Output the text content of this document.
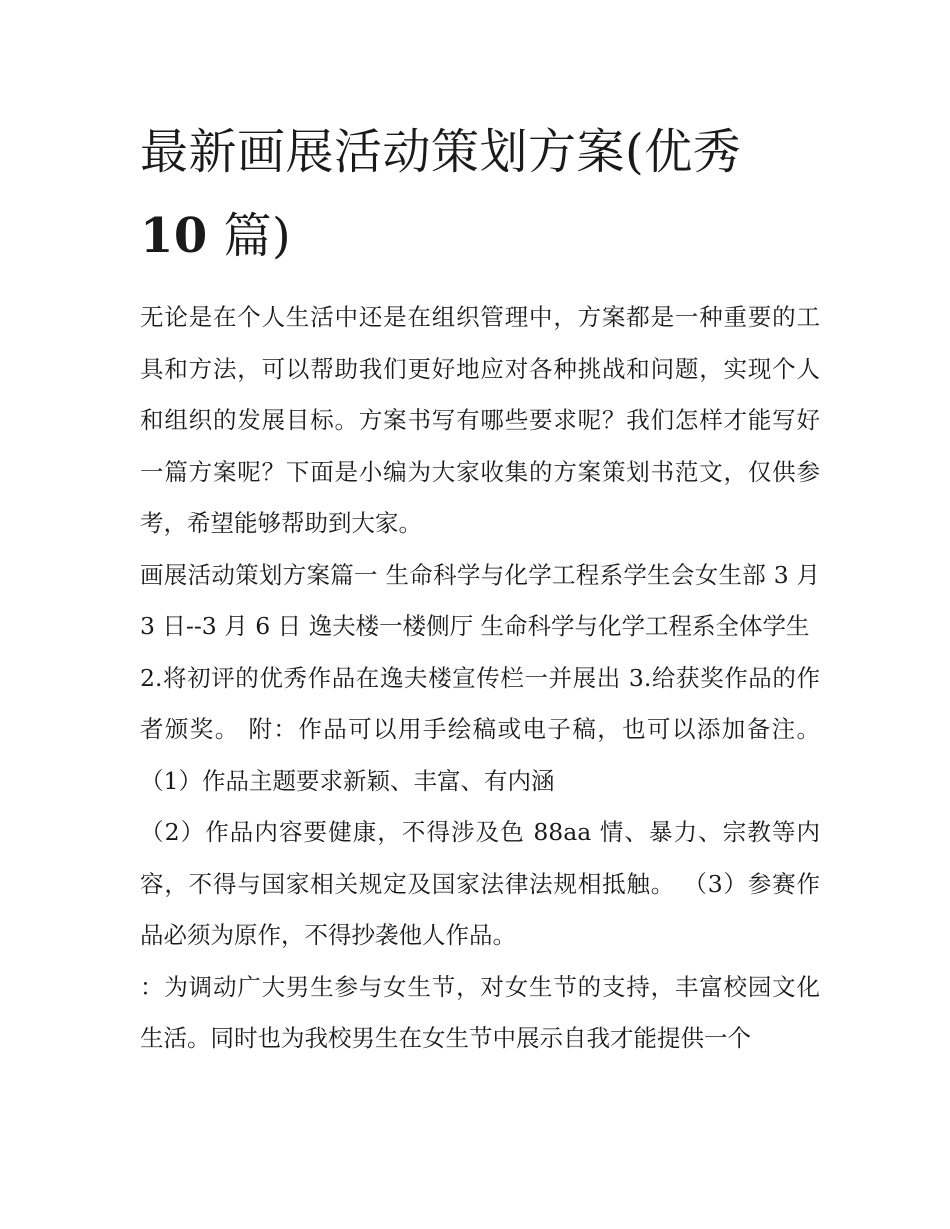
最新画展活动策划方案(优秀
10 篇)

无论是在个人生活中还是在组织管理中，方案都是一种重要的工具和方法，可以帮助我们更好地应对各种挑战和问题，实现个人和组织的发展目标。方案书写有哪些要求呢？我们怎样才能写好一篇方案呢？下面是小编为大家收集的方案策划书范文，仅供参考，希望能够帮助到大家。

画展活动策划方案篇一 生命科学与化学工程系学生会女生部 3 月 3 日--3 月 6 日 逸夫楼一楼侧厅 生命科学与化学工程系全体学生

2.将初评的优秀作品在逸夫楼宣传栏一并展出 3.给获奖作品的作者颁奖。 附：作品可以用手绘稿或电子稿，也可以添加备注。 （1）作品主题要求新颖、丰富、有内涵

（2）作品内容要健康，不得涉及色 88aa 情、暴力、宗教等内容，不得与国家相关规定及国家法律法规相抵触。 （3）参赛作品必须为原作，不得抄袭他人作品。

：为调动广大男生参与女生节，对女生节的支持，丰富校园文化生活。同时也为我校男生在女生节中展示自我才能提供一个
